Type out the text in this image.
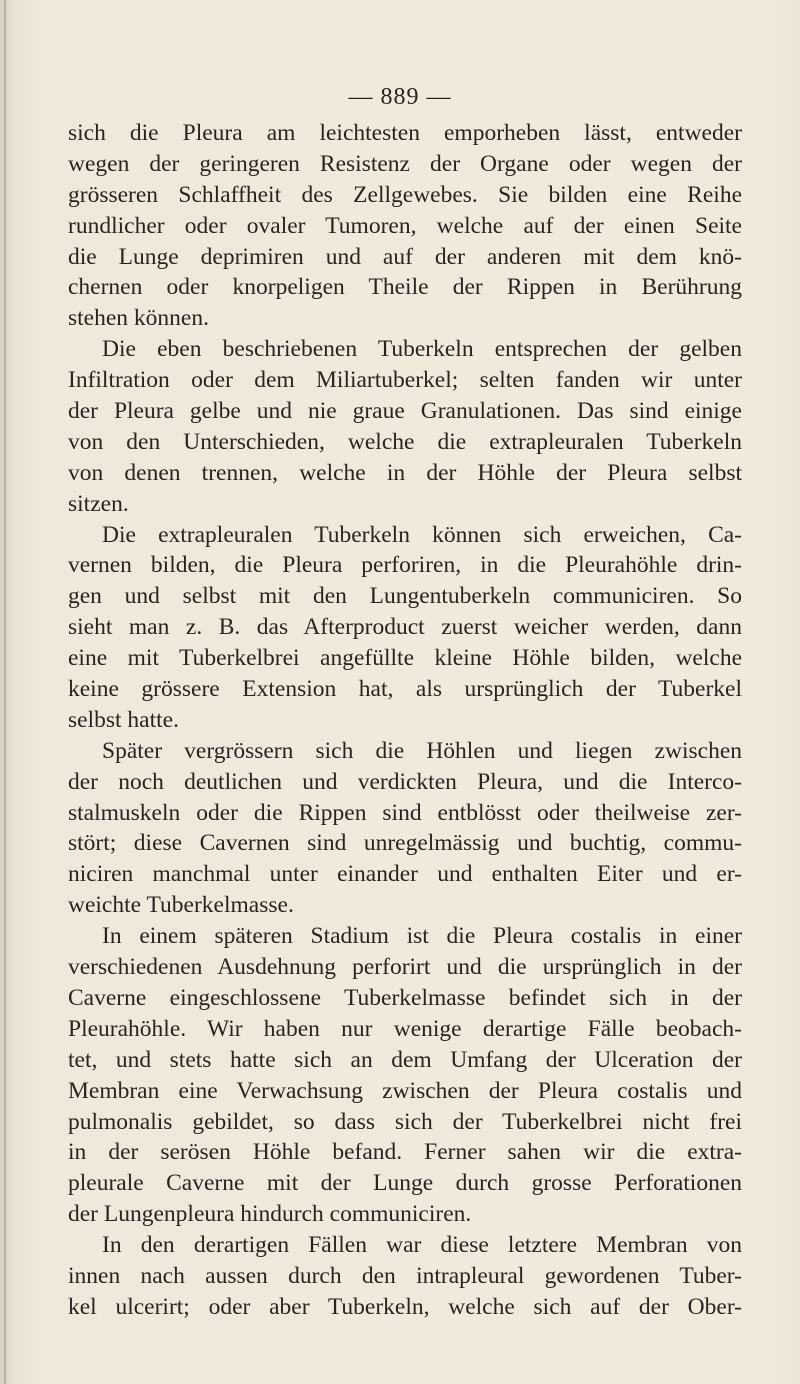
— 889 —
sich die Pleura am leichtesten emporheben lässt, entweder
wegen der geringeren Resistenz der Organe oder wegen der
grösseren Schlaffheit des Zellgewebes. Sie bilden eine Reihe
rundlicher oder ovaler Tumoren, welche auf der einen Seite
die Lunge deprimiren und auf der anderen mit dem knö-
chernen oder knorpeligen Theile der Rippen in Berührung
stehen können.
Die eben beschriebenen Tuberkeln entsprechen der gelben
Infiltration oder dem Miliartuberkel; selten fanden wir unter
der Pleura gelbe und nie graue Granulationen. Das sind einige
von den Unterschieden, welche die extrapleuralen Tuberkeln
von denen trennen, welche in der Höhle der Pleura selbst
sitzen.
Die extrapleuralen Tuberkeln können sich erweichen, Ca-
vernen bilden, die Pleura perforiren, in die Pleurahöhle drin-
gen und selbst mit den Lungentuberkeln communiciren. So
sieht man z. B. das Afterproduct zuerst weicher werden, dann
eine mit Tuberkelbrei angefüllte kleine Höhle bilden, welche
keine grössere Extension hat, als ursprünglich der Tuberkel
selbst hatte.
Später vergrössern sich die Höhlen und liegen zwischen
der noch deutlichen und verdickten Pleura, und die Interco-
stalmuskeln oder die Rippen sind entblösst oder theilweise zer-
stört; diese Cavernen sind unregelmässig und buchtig, commu-
niciren manchmal unter einander und enthalten Eiter und er-
weichte Tuberkelmasse.
In einem späteren Stadium ist die Pleura costalis in einer
verschiedenen Ausdehnung perforirt und die ursprünglich in der
Caverne eingeschlossene Tuberkelmasse befindet sich in der
Pleurahöhle. Wir haben nur wenige derartige Fälle beobach-
tet, und stets hatte sich an dem Umfang der Ulceration der
Membran eine Verwachsung zwischen der Pleura costalis und
pulmonalis gebildet, so dass sich der Tuberkelbrei nicht frei
in der serösen Höhle befand. Ferner sahen wir die extra-
pleurale Caverne mit der Lunge durch grosse Perforationen
der Lungenpleura hindurch communiciren.
In den derartigen Fällen war diese letztere Membran von
innen nach aussen durch den intrapleural gewordenen Tuber-
kel ulcerirt; oder aber Tuberkeln, welche sich auf der Ober-
